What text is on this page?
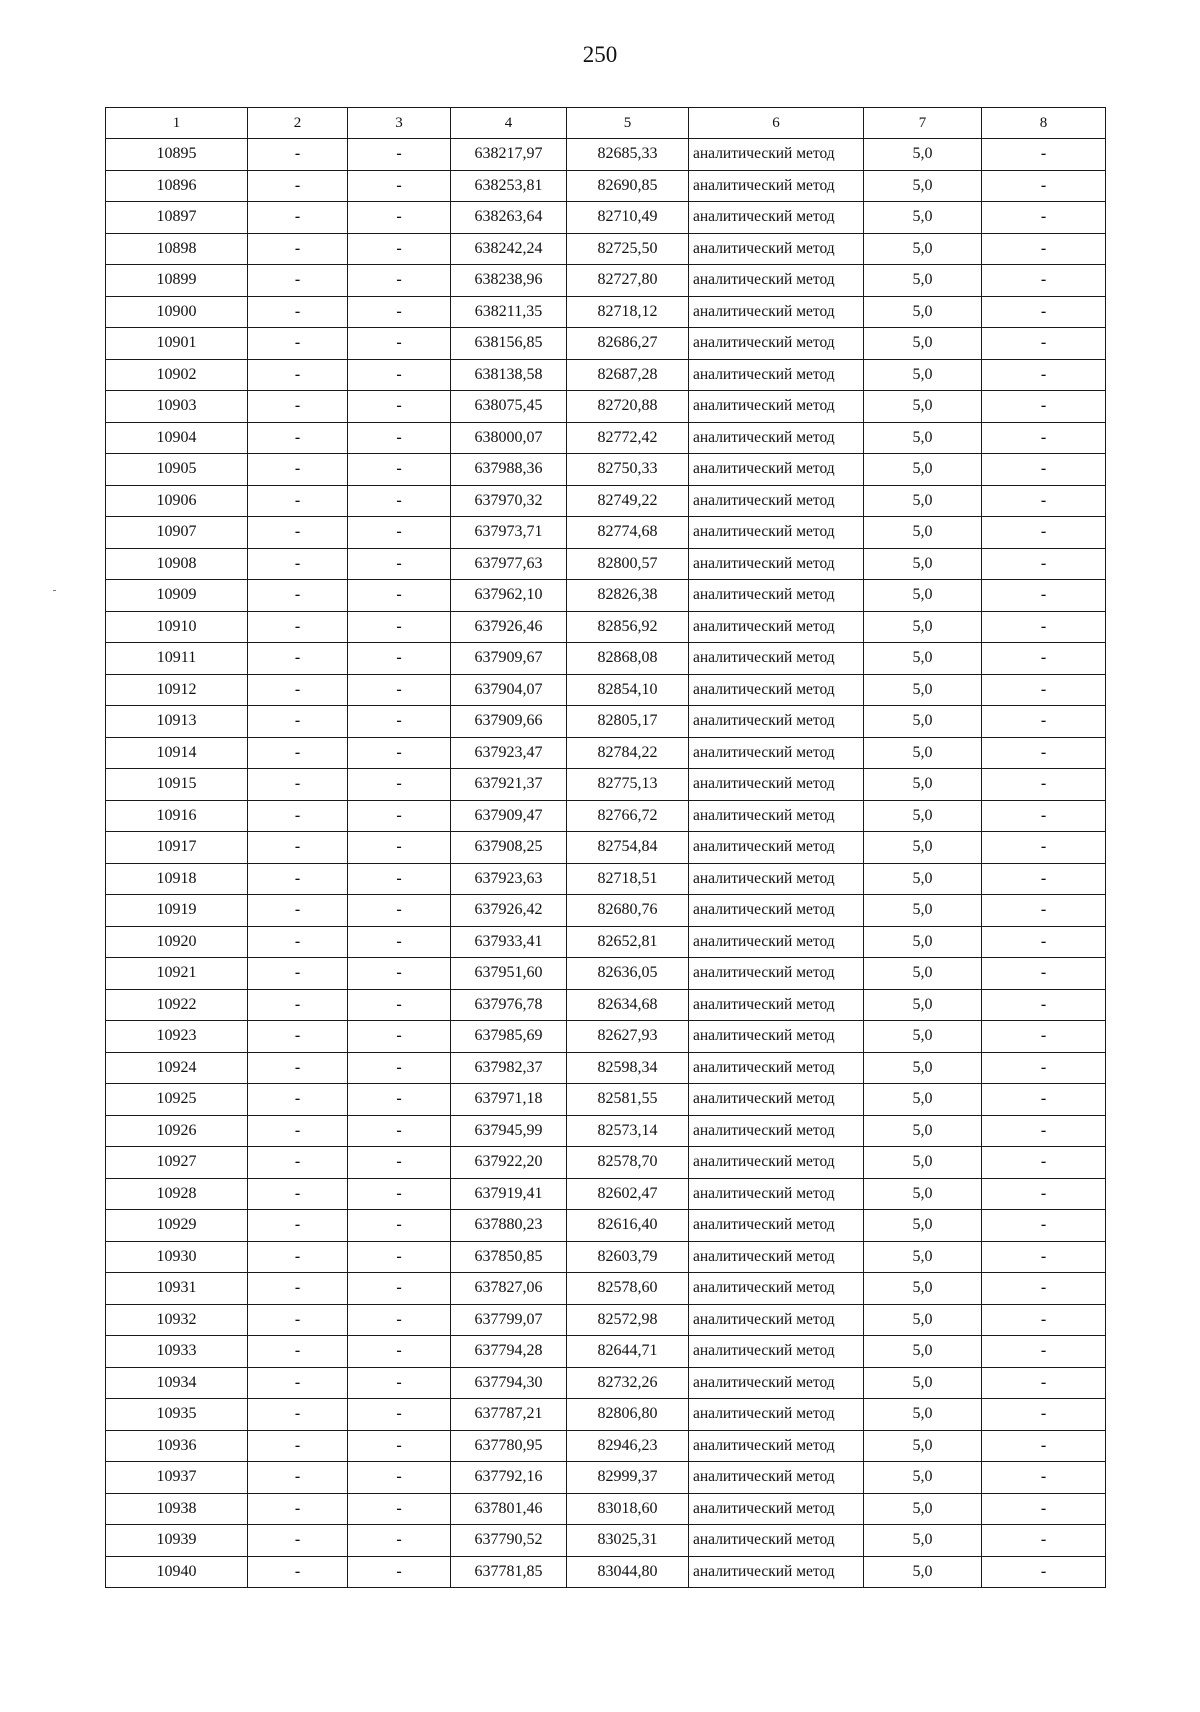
250
1	2	3	4	5	6	7	8
10895	-	-	638217,97	82685,33	аналитический метод	5,0	-
10896	-	-	638253,81	82690,85	аналитический метод	5,0	-
10897	-	-	638263,64	82710,49	аналитический метод	5,0	-
10898	-	-	638242,24	82725,50	аналитический метод	5,0	-
10899	-	-	638238,96	82727,80	аналитический метод	5,0	-
10900	-	-	638211,35	82718,12	аналитический метод	5,0	-
10901	-	-	638156,85	82686,27	аналитический метод	5,0	-
10902	-	-	638138,58	82687,28	аналитический метод	5,0	-
10903	-	-	638075,45	82720,88	аналитический метод	5,0	-
10904	-	-	638000,07	82772,42	аналитический метод	5,0	-
10905	-	-	637988,36	82750,33	аналитический метод	5,0	-
10906	-	-	637970,32	82749,22	аналитический метод	5,0	-
10907	-	-	637973,71	82774,68	аналитический метод	5,0	-
10908	-	-	637977,63	82800,57	аналитический метод	5,0	-
10909	-	-	637962,10	82826,38	аналитический метод	5,0	-
10910	-	-	637926,46	82856,92	аналитический метод	5,0	-
10911	-	-	637909,67	82868,08	аналитический метод	5,0	-
10912	-	-	637904,07	82854,10	аналитический метод	5,0	-
10913	-	-	637909,66	82805,17	аналитический метод	5,0	-
10914	-	-	637923,47	82784,22	аналитический метод	5,0	-
10915	-	-	637921,37	82775,13	аналитический метод	5,0	-
10916	-	-	637909,47	82766,72	аналитический метод	5,0	-
10917	-	-	637908,25	82754,84	аналитический метод	5,0	-
10918	-	-	637923,63	82718,51	аналитический метод	5,0	-
10919	-	-	637926,42	82680,76	аналитический метод	5,0	-
10920	-	-	637933,41	82652,81	аналитический метод	5,0	-
10921	-	-	637951,60	82636,05	аналитический метод	5,0	-
10922	-	-	637976,78	82634,68	аналитический метод	5,0	-
10923	-	-	637985,69	82627,93	аналитический метод	5,0	-
10924	-	-	637982,37	82598,34	аналитический метод	5,0	-
10925	-	-	637971,18	82581,55	аналитический метод	5,0	-
10926	-	-	637945,99	82573,14	аналитический метод	5,0	-
10927	-	-	637922,20	82578,70	аналитический метод	5,0	-
10928	-	-	637919,41	82602,47	аналитический метод	5,0	-
10929	-	-	637880,23	82616,40	аналитический метод	5,0	-
10930	-	-	637850,85	82603,79	аналитический метод	5,0	-
10931	-	-	637827,06	82578,60	аналитический метод	5,0	-
10932	-	-	637799,07	82572,98	аналитический метод	5,0	-
10933	-	-	637794,28	82644,71	аналитический метод	5,0	-
10934	-	-	637794,30	82732,26	аналитический метод	5,0	-
10935	-	-	637787,21	82806,80	аналитический метод	5,0	-
10936	-	-	637780,95	82946,23	аналитический метод	5,0	-
10937	-	-	637792,16	82999,37	аналитический метод	5,0	-
10938	-	-	637801,46	83018,60	аналитический метод	5,0	-
10939	-	-	637790,52	83025,31	аналитический метод	5,0	-
10940	-	-	637781,85	83044,80	аналитический метод	5,0	-
